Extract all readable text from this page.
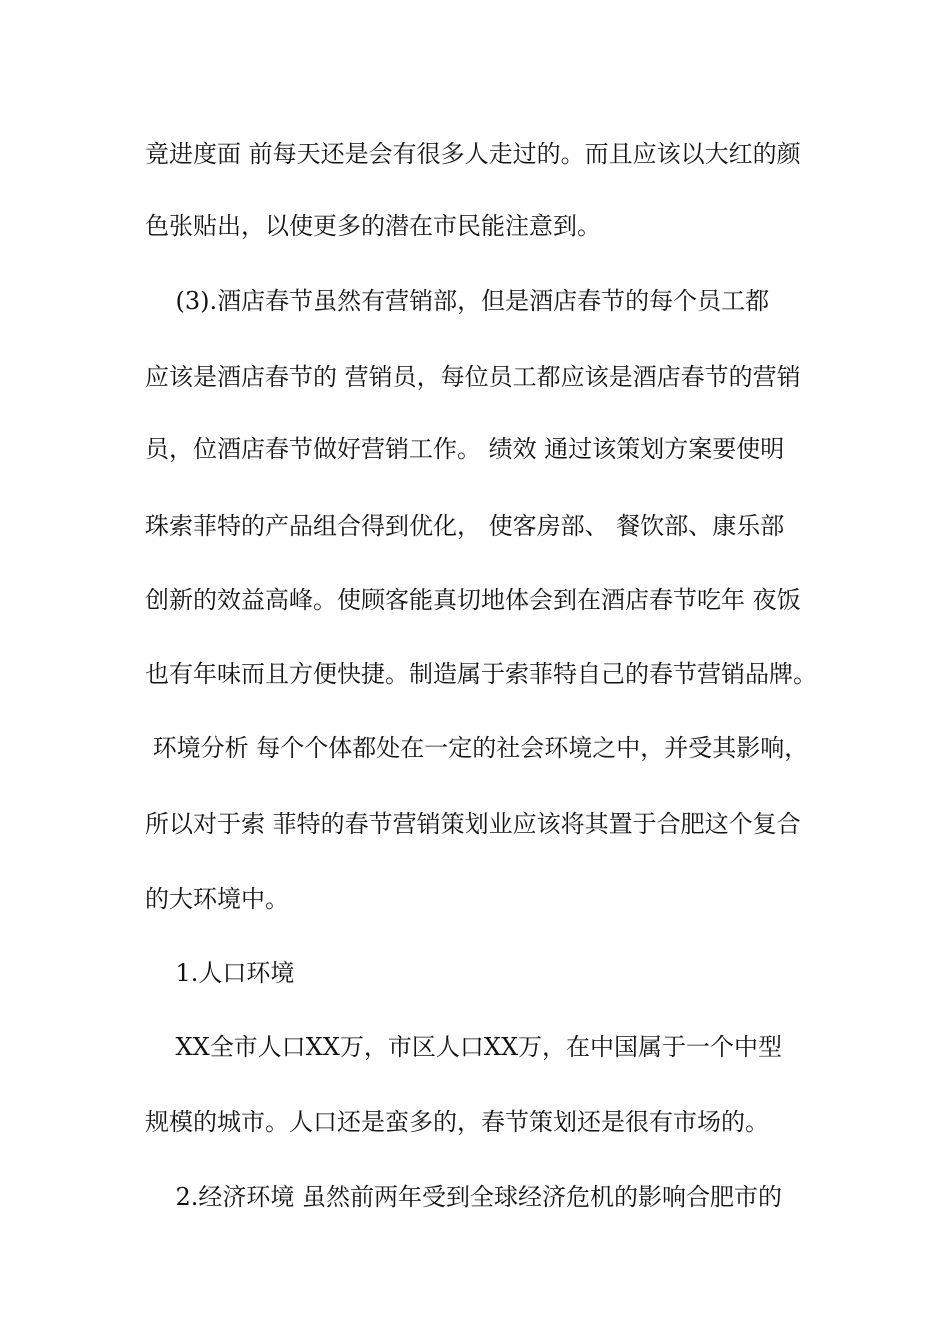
竟进度面 前每天还是会有很多人走过的。而且应该以大红的颜
色张贴出，以使更多的潜在市民能注意到。
(3).酒店春节虽然有营销部，但是酒店春节的每个员工都
应该是酒店春节的 营销员，每位员工都应该是酒店春节的营销
员，位酒店春节做好营销工作。 绩效 通过该策划方案要使明
珠索菲特的产品组合得到优化， 使客房部、 餐饮部、康乐部
创新的效益高峰。使顾客能真切地体会到在酒店春节吃年 夜饭
也有年味而且方便快捷。制造属于索菲特自己的春节营销品牌。
环境分析 每个个体都处在一定的社会环境之中，并受其影响，
所以对于索 菲特的春节营销策划业应该将其置于合肥这个复合
的大环境中。
1.人口环境
XX全市人口XX万，市区人口XX万，在中国属于一个中型
规模的城市。人口还是蛮多的，春节策划还是很有市场的。
2.经济环境 虽然前两年受到全球经济危机的影响合肥市的
